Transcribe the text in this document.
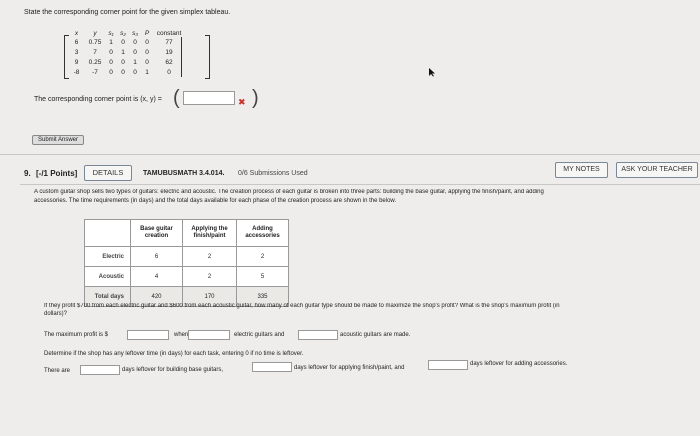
State the corresponding corner point for the given simplex tableau.
x	y	s₁	s₂	s₃	P	constant
6	0.75	1	0	0	0	77
3	7	0	1	0	0	19
9	0.25	0	0	1	0	62
-8	-7	0	0	0	1	0
The corresponding corner point is (x, y) = (	✖ )
Submit Answer
9. [-/1 Points]	DETAILS	TAMUBUSMATH 3.4.014. 0/6 Submissions Used
MY NOTES	ASK YOUR TEACHER
A custom guitar shop sells two types of guitars: electric and acoustic. The creation process of each guitar is broken into three parts: building the base guitar, applying the finish/paint, and adding
accessories. The time requirements (in days) and the total days available for each phase of the creation process are shown in the below.
	Base guitar creation	Applying the finish/paint	Adding accessories
Electric	6	2	2
Acoustic	4	2	5
Total days	420	170	335
If they profit $700 from each electric guitar and $600 from each acoustic guitar, how many of each guitar type should be made to maximize the shop's profit? What is the shop's maximum profit (in
dollars)?
The maximum profit is $	when	electric guitars and	acoustic guitars are made.
Determine if the shop has any leftover time (in days) for each task, entering 0 if no time is leftover.
There are	days leftover for building base guitars,	days leftover for applying finish/paint, and
days leftover for adding accessories.
